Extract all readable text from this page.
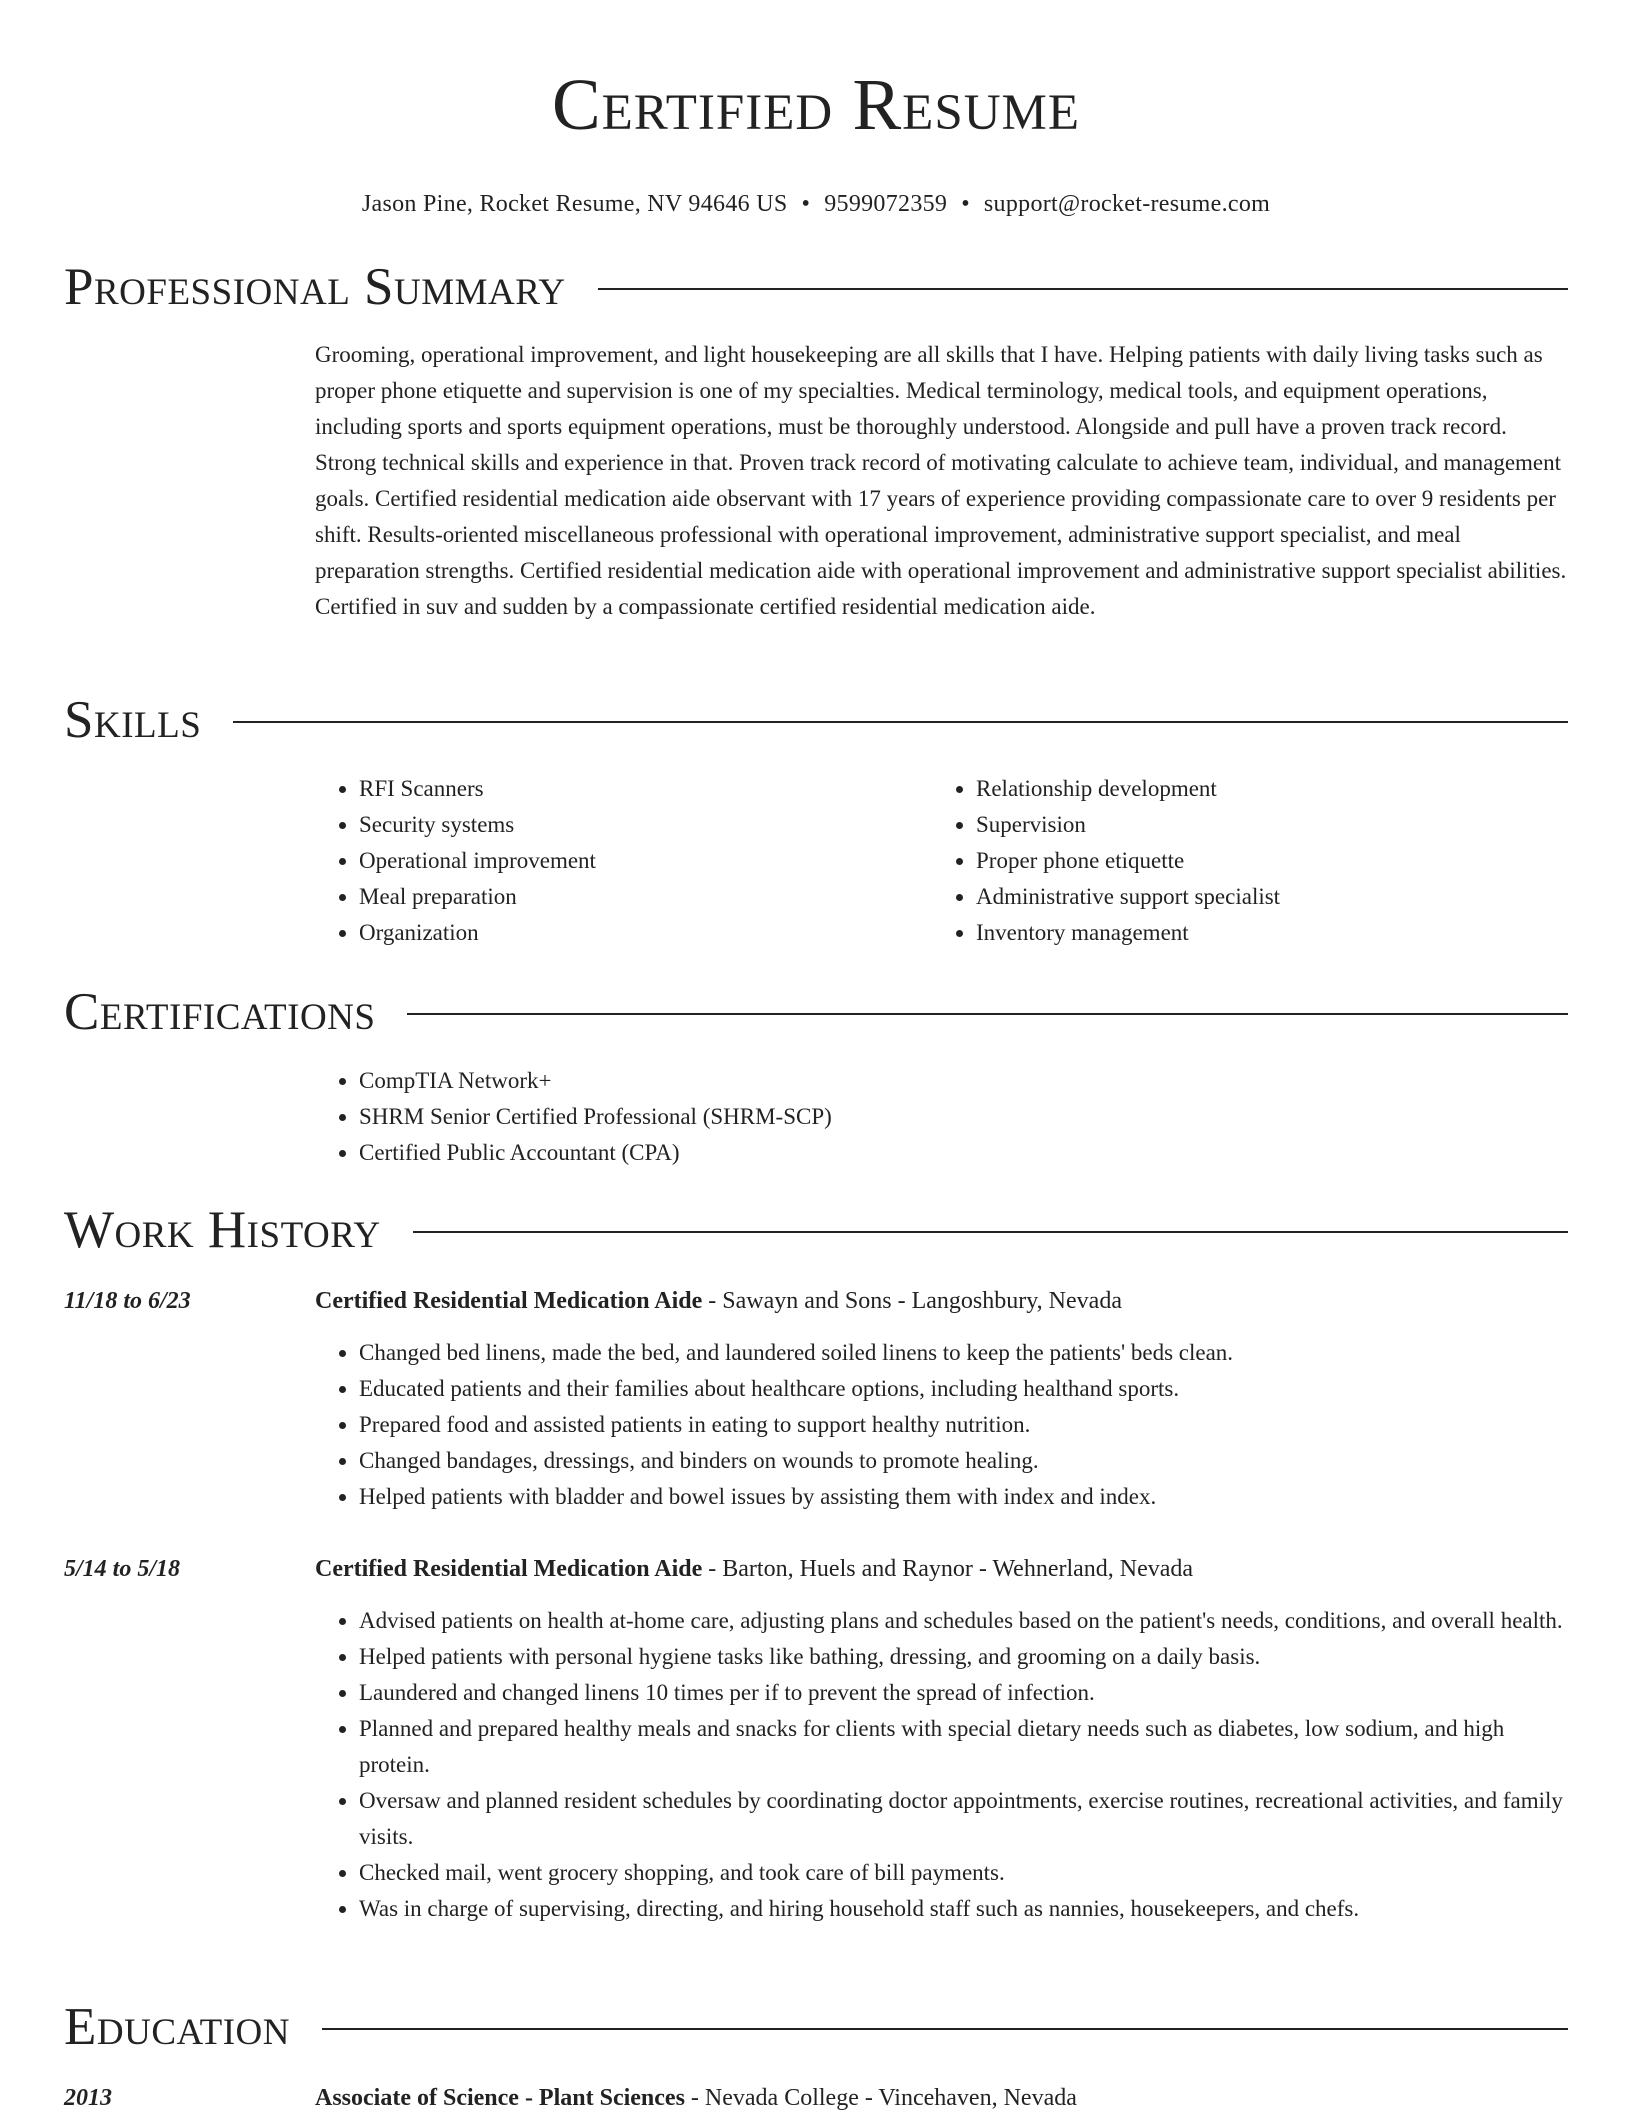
Certified Resume
Jason Pine, Rocket Resume, NV 94646 US • 9599072359 • support@rocket-resume.com
Professional Summary

Grooming, operational improvement, and light housekeeping are all skills that I have. Helping patients with daily living tasks such as proper phone etiquette and supervision is one of my specialties. Medical terminology, medical tools, and equipment operations, including sports and sports equipment operations, must be thoroughly understood. Alongside and pull have a proven track record. Strong technical skills and experience in that. Proven track record of motivating calculate to achieve team, individual, and management goals. Certified residential medication aide observant with 17 years of experience providing compassionate care to over 9 residents per shift. Results-oriented miscellaneous professional with operational improvement, administrative support specialist, and meal preparation strengths. Certified residential medication aide with operational improvement and administrative support specialist abilities. Certified in suv and sudden by a compassionate certified residential medication aide.

Skills
• RFI Scanners
• Security systems
• Operational improvement
• Meal preparation
• Organization
• Relationship development
• Supervision
• Proper phone etiquette
• Administrative support specialist
• Inventory management
Certifications
• CompTIA Network+
• SHRM Senior Certified Professional (SHRM-SCP)
• Certified Public Accountant (CPA)
Work History
11/18 to 6/23	Certified Residential Medication Aide - Sawayn and Sons - Langoshbury, Nevada
• Changed bed linens, made the bed, and laundered soiled linens to keep the patients' beds clean.
• Educated patients and their families about healthcare options, including healthand sports.
• Prepared food and assisted patients in eating to support healthy nutrition.
• Changed bandages, dressings, and binders on wounds to promote healing.
• Helped patients with bladder and bowel issues by assisting them with index and index.
5/14 to 5/18	Certified Residential Medication Aide - Barton, Huels and Raynor - Wehnerland, Nevada
• Advised patients on health at-home care, adjusting plans and schedules based on the patient's needs, conditions, and overall health.
• Helped patients with personal hygiene tasks like bathing, dressing, and grooming on a daily basis.
• Laundered and changed linens 10 times per if to prevent the spread of infection.
• Planned and prepared healthy meals and snacks for clients with special dietary needs such as diabetes, low sodium, and high protein.
• Oversaw and planned resident schedules by coordinating doctor appointments, exercise routines, recreational activities, and family visits.
• Checked mail, went grocery shopping, and took care of bill payments.
• Was in charge of supervising, directing, and hiring household staff such as nannies, housekeepers, and chefs.
Education
2013	Associate of Science - Plant Sciences - Nevada College - Vincehaven, Nevada
